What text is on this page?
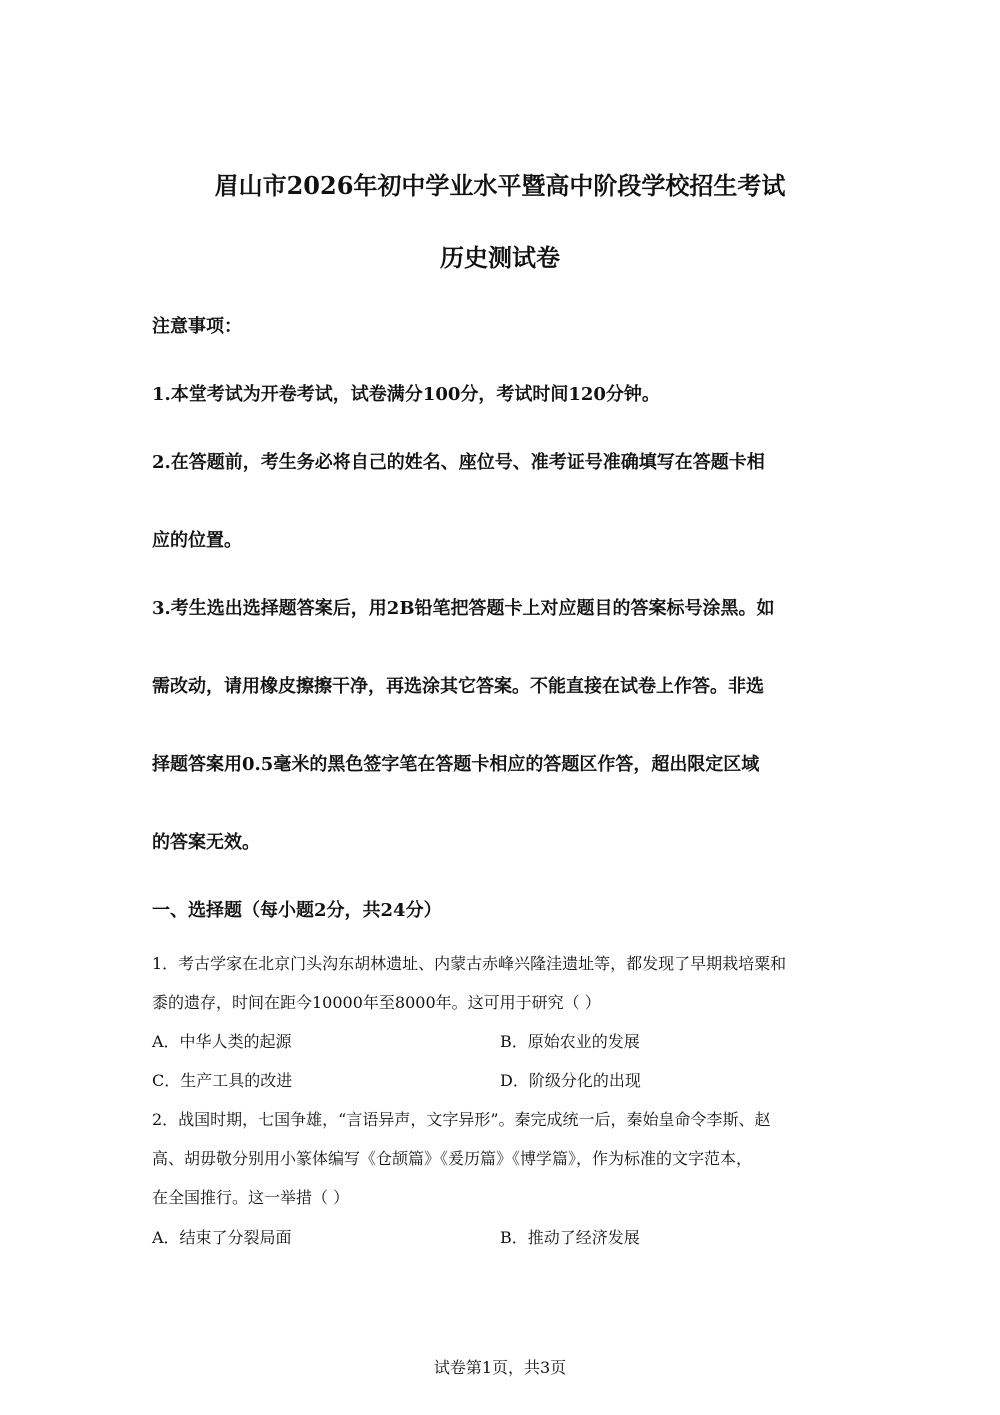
眉山市2026年初中学业水平暨高中阶段学校招生考试
历史测试卷
注意事项：
1.本堂考试为开卷考试，试卷满分100分，考试时间120分钟。
2.在答题前，考生务必将自己的姓名、座位号、准考证号准确填写在答题卡相
应的位置。
3.考生选出选择题答案后，用2B铅笔把答题卡上对应题目的答案标号涂黑。如
需改动，请用橡皮擦擦干净，再选涂其它答案。不能直接在试卷上作答。非选
择题答案用0.5毫米的黑色签字笔在答题卡相应的答题区作答，超出限定区域
的答案无效。
一、选择题（每小题2分，共24分）
1．考古学家在北京门头沟东胡林遗址、内蒙古赤峰兴隆洼遗址等，都发现了早期栽培粟和
黍的遗存，时间在距今10000年至8000年。这可用于研究（ ）
A．中华人类的起源	B．原始农业的发展
C．生产工具的改进	D．阶级分化的出现
2．战国时期，七国争雄，“言语异声，文字异形”。秦完成统一后，秦始皇命令李斯、赵
高、胡毋敬分别用小篆体编写《仓颉篇》《爰历篇》《博学篇》，作为标准的文字范本，
在全国推行。这一举措（ ）
A．结束了分裂局面	B．推动了经济发展
试卷第1页，共3页
